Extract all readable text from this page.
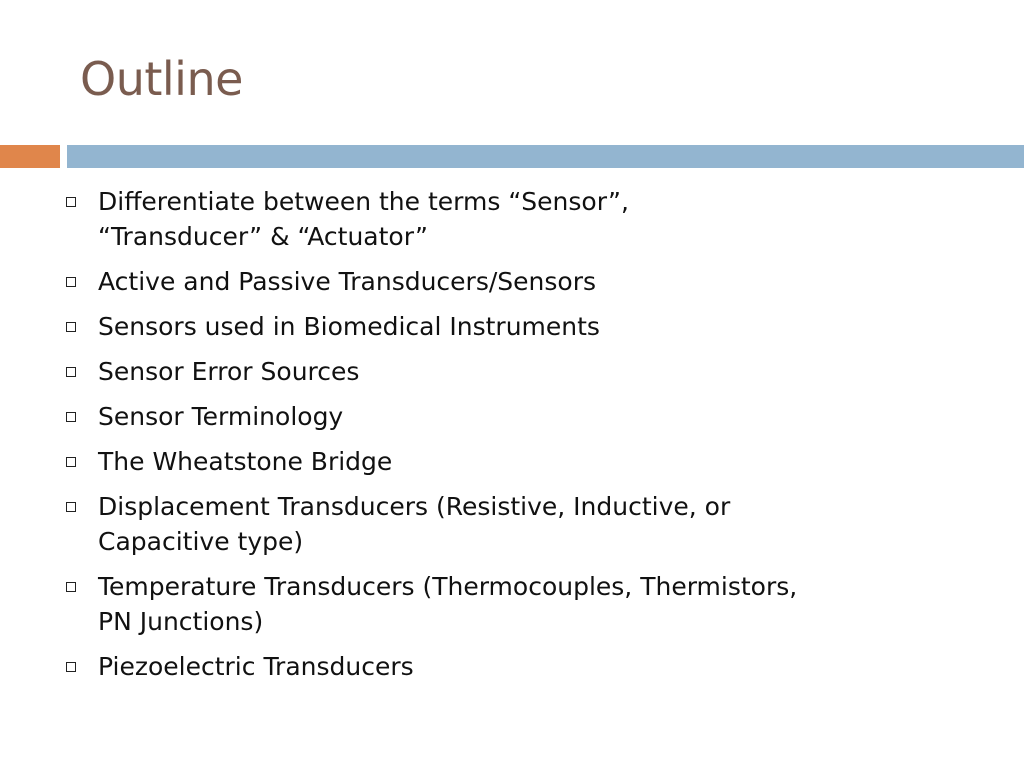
Outline
Differentiate between the terms “Sensor”,
“Transducer” & “Actuator”
Active and Passive Transducers/Sensors
Sensors used in Biomedical Instruments
Sensor Error Sources
Sensor Terminology
The Wheatstone Bridge
Displacement Transducers (Resistive, Inductive, or
Capacitive type)
Temperature Transducers (Thermocouples, Thermistors,
PN Junctions)
Piezoelectric Transducers
